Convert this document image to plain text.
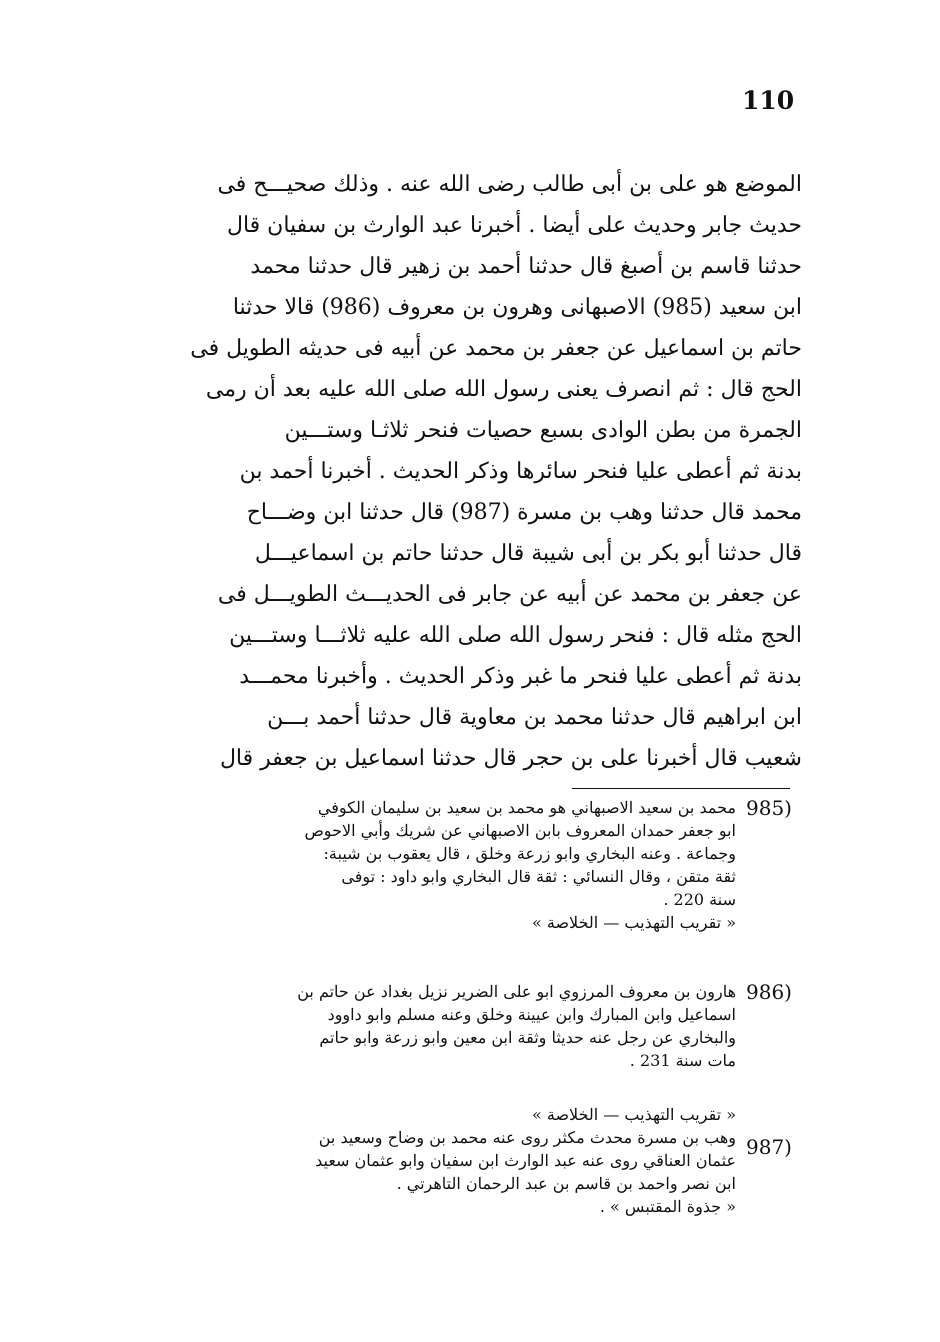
110
الموضع هو على بن أبى طالب رضى الله عنه . وذلك صحيـــح فى
حديث جابر وحديث على أيضا . أخبرنا عبد الوارث بن سفيان قال
حدثنا قاسم بن أصبغ قال حدثنا أحمد بن زهير قال حدثنا محمد
ابن سعيد (985) الاصبهانى وهرون بن معروف (986) قالا حدثنا
حاتم بن اسماعيل عن جعفر بن محمد عن أبيه فى حديثه الطويل فى
الحج قال : ثم انصرف يعنى رسول الله صلى الله عليه بعد أن رمى
الجمرة من بطن الوادى بسبع حصيات فنحر ثلاثـا وستـــين
بدنة ثم أعطى عليا فنحر سائرها وذكر الحديث . أخبرنا أحمد بن
محمد قال حدثنا وهب بن مسرة (987) قال حدثنا ابن وضـــاح
قال حدثنا أبو بكر بن أبى شيبة قال حدثنا حاتم بن اسماعيـــل
عن جعفر بن محمد عن أبيه عن جابر فى الحديـــث الطويـــل فى
الحج مثله قال : فنحر رسول الله صلى الله عليه ثلاثـــا وستـــين
بدنة ثم أعطى عليا فنحر ما غبر وذكر الحديث . وأخبرنا محمـــد
ابن ابراهيم قال حدثنا محمد بن معاوية قال حدثنا أحمد بـــن
شعيب قال أخبرنا على بن حجر قال حدثنا اسماعيل بن جعفر قال
985)
محمد بن سعيد الاصبهاني هو محمد بن سعيد بن سليمان الكوفي
ابو جعفر حمدان المعروف بابن الاصبهاني عن شريك وأبي الاحوص
وجماعة . وعنه البخاري وابو زرعة وخلق ، قال يعقوب بن شيبة:
ثقة متقن ، وقال النسائي : ثقة قال البخاري وابو داود : توفى
سنة 220 .
« تقريب التهذيب — الخلاصة »
986)
هارون بن معروف المرزوي ابو على الضرير نزيل بغداد عن حاتم بن
اسماعيل وابن المبارك وابن عيينة وخلق وعنه مسلم وابو داوود
والبخاري عن رجل عنه حديثا وثقة ابن معين وابو زرعة وابو حاتم
مات سنة 231 .
987)
« تقريب التهذيب — الخلاصة »
وهب بن مسرة محدث مكثر روى عنه محمد بن وضاح وسعيد بن
عثمان العناقي روى عنه عبد الوارث ابن سفيان وابو عثمان سعيد
ابن نصر واحمد بن قاسم بن عبد الرحمان التاهرتي .
« جذوة المقتبس » .
